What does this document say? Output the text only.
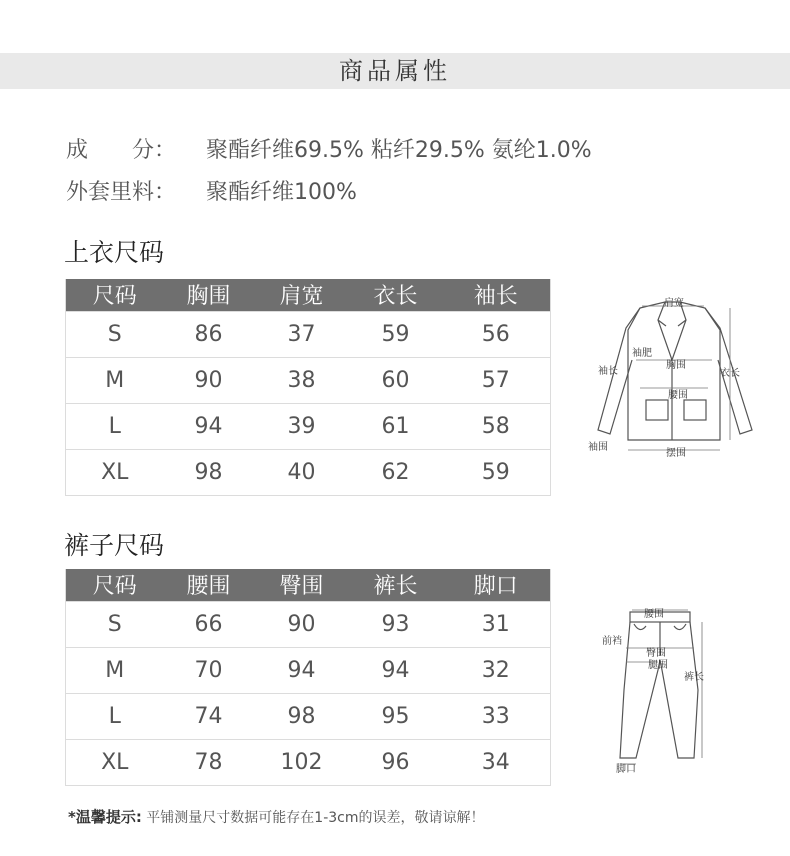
商品属性
成　　分： 聚酯纤维69.5% 粘纤29.5% 氨纶1.0%
外套里料： 聚酯纤维100%
上衣尺码
尺码	胸围	肩宽	衣长	袖长
S	86	37	59	56
M	90	38	60	57
L	94	39	61	58
XL	98	40	62	59
肩宽
袖肥
胸围
袖长	衣长
腰围
袖围
摆围
裤子尺码
尺码	腰围	臀围	裤长	脚口
S	66	90	93	31
M	70	94	94	32
L	74	98	95	33
XL	78	102	96	34
腰围
前裆
臀围
腿围
裤长
脚口
*温馨提示: 平铺测量尺寸数据可能存在1-3cm的误差，敬请谅解！
